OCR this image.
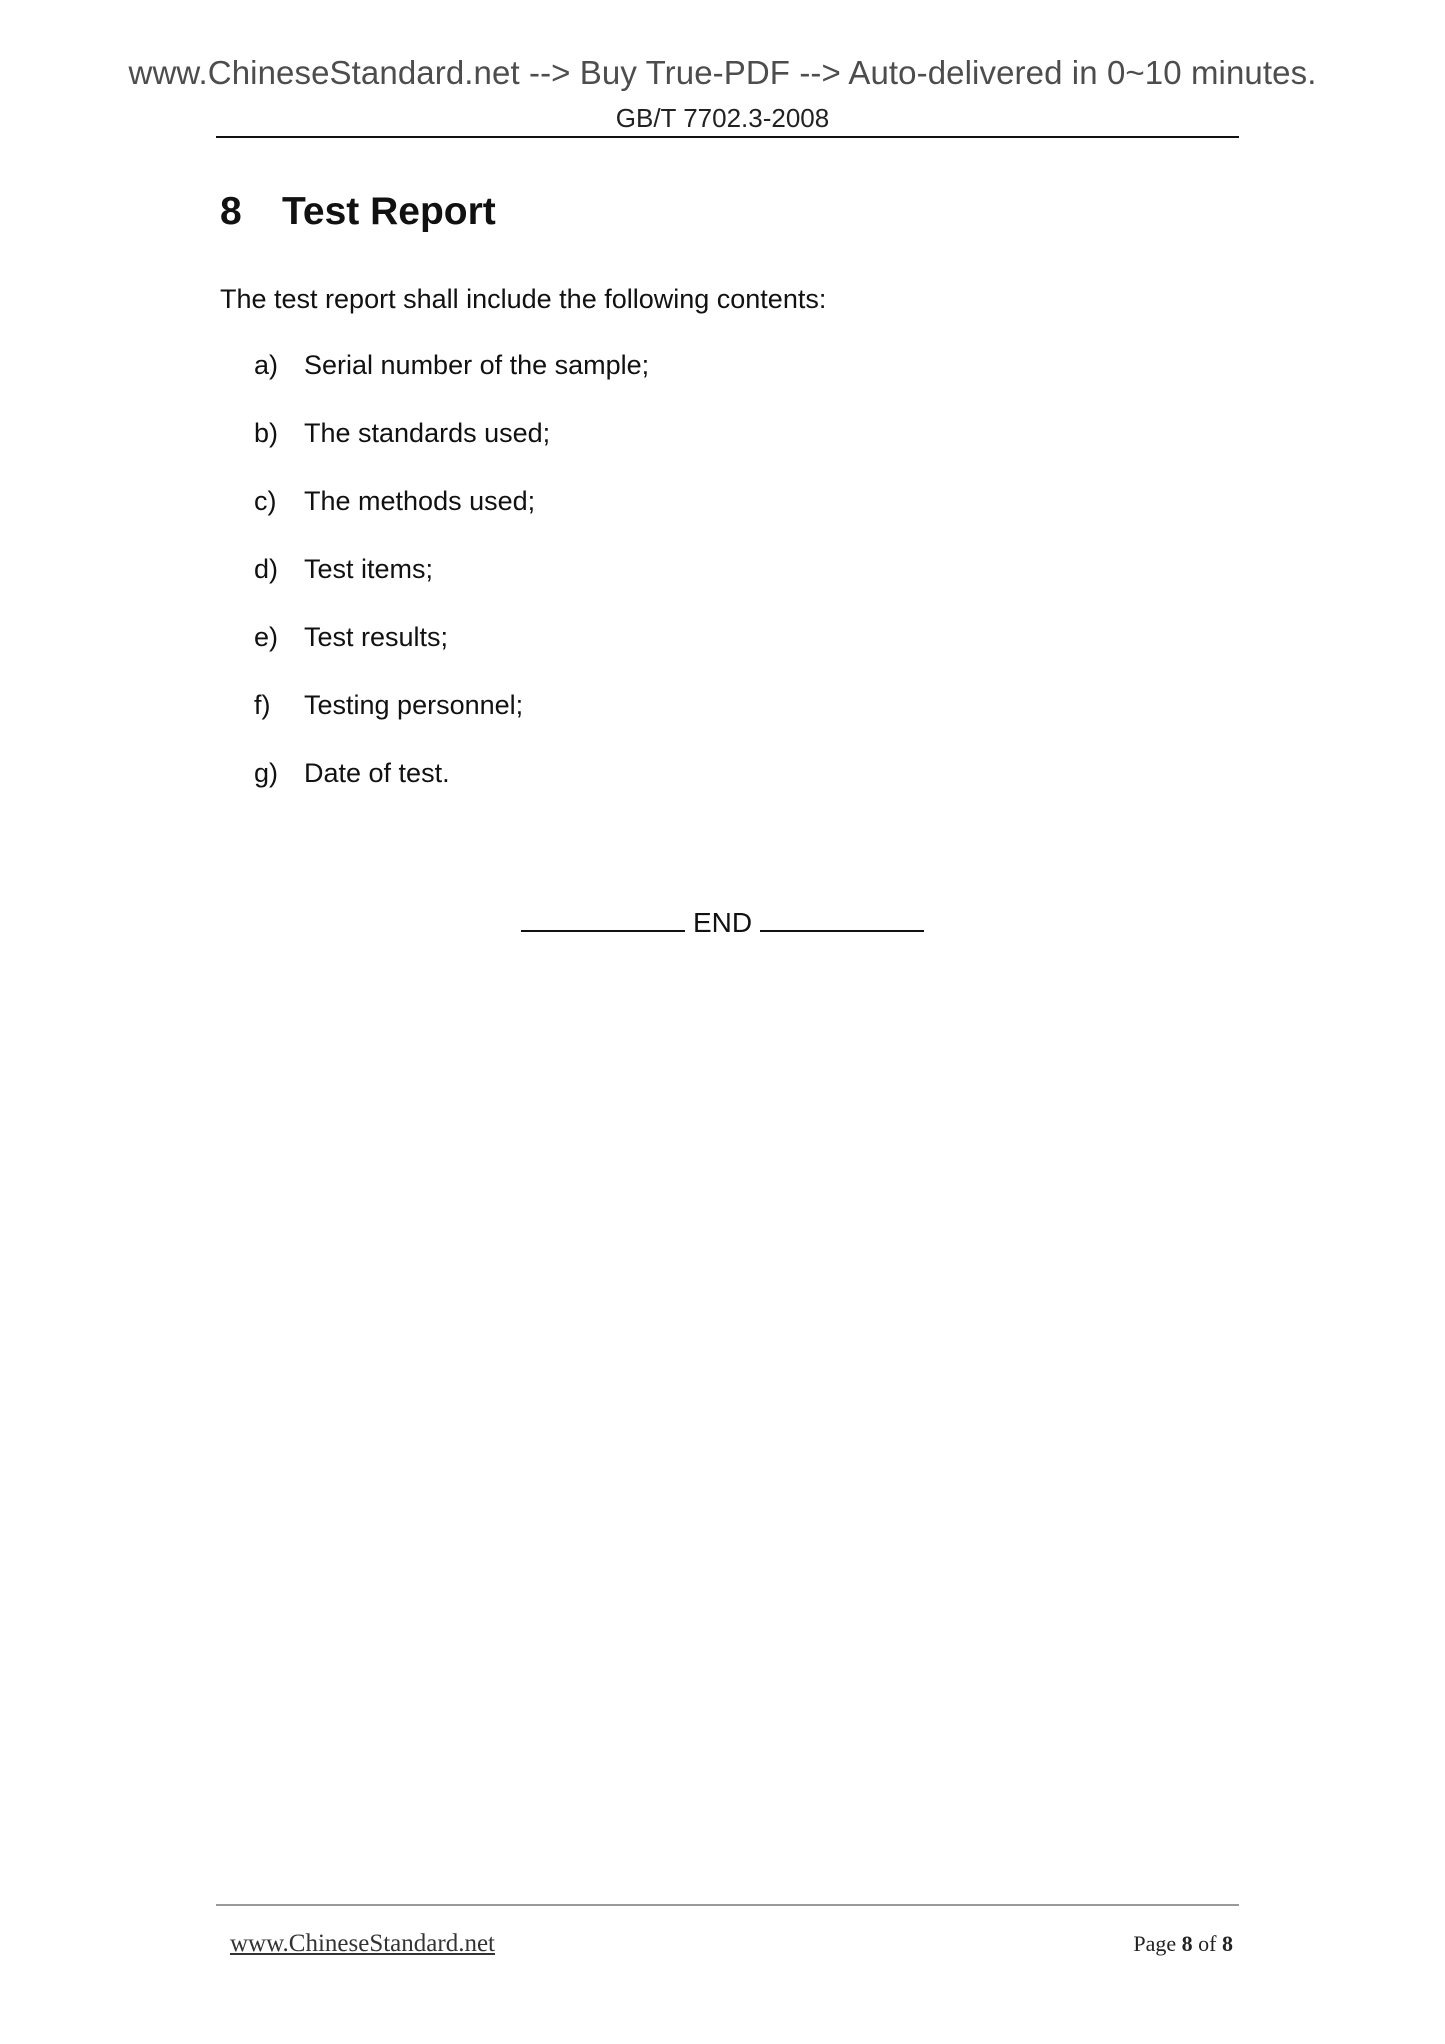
www.ChineseStandard.net --> Buy True-PDF --> Auto-delivered in 0~10 minutes.
GB/T 7702.3-2008
8 Test Report
The test report shall include the following contents:
a) Serial number of the sample;
b) The standards used;
c) The methods used;
d) Test items;
e) Test results;
f) Testing personnel;
g) Date of test.
END
www.ChineseStandard.net	Page 8 of 8
